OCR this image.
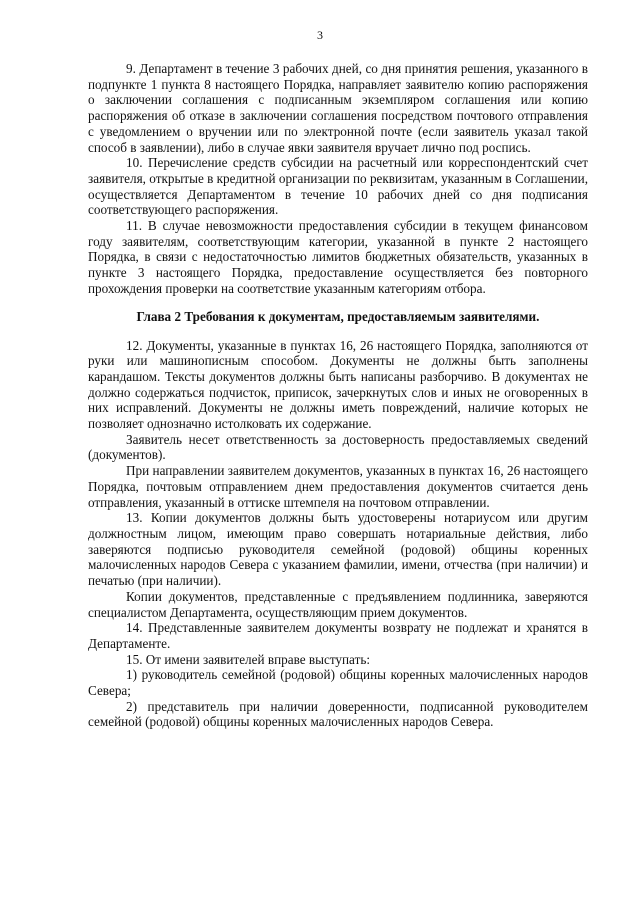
3

9. Департамент в течение 3 рабочих дней, со дня принятия решения, указанного в подпункте 1 пункта 8 настоящего Порядка, направляет заявителю копию распоряжения о заключении соглашения с подписанным экземпляром соглашения или копию распоряжения об отказе в заключении соглашения посредством почтового отправления с уведомлением о вручении или по электронной почте (если заявитель указал такой способ в заявлении), либо в случае явки заявителя вручает лично под роспись.

10. Перечисление средств субсидии на расчетный или корреспондентский счет заявителя, открытые в кредитной организации по реквизитам, указанным в Соглашении, осуществляется Департаментом в течение 10 рабочих дней со дня подписания соответствующего распоряжения.

11. В случае невозможности предоставления субсидии в текущем финансовом году заявителям, соответствующим категории, указанной в пункте 2 настоящего Порядка, в связи с недостаточностью лимитов бюджетных обязательств, указанных в пункте 3 настоящего Порядка, предоставление осуществляется без повторного прохождения проверки на соответствие указанным категориям отбора.

Глава 2 Требования к документам, предоставляемым заявителями.

12. Документы, указанные в пунктах 16, 26 настоящего Порядка, заполняются от руки или машинописным способом. Документы не должны быть заполнены карандашом. Тексты документов должны быть написаны разборчиво. В документах не должно содержаться подчисток, приписок, зачеркнутых слов и иных не оговоренных в них исправлений. Документы не должны иметь повреждений, наличие которых не позволяет однозначно истолковать их содержание.

Заявитель несет ответственность за достоверность предоставляемых сведений (документов).

При направлении заявителем документов, указанных в пунктах 16, 26 настоящего Порядка, почтовым отправлением днем предоставления документов считается день отправления, указанный в оттиске штемпеля на почтовом отправлении.

13. Копии документов должны быть удостоверены нотариусом или другим должностным лицом, имеющим право совершать нотариальные действия, либо заверяются подписью руководителя семейной (родовой) общины коренных малочисленных народов Севера с указанием фамилии, имени, отчества (при наличии) и печатью (при наличии).

Копии документов, представленные с предъявлением подлинника, заверяются специалистом Департамента, осуществляющим прием документов.

14. Представленные заявителем документы возврату не подлежат и хранятся в Департаменте.

15. От имени заявителей вправе выступать:

1) руководитель семейной (родовой) общины коренных малочисленных народов Севера;

2) представитель при наличии доверенности, подписанной руководителем семейной (родовой) общины коренных малочисленных народов Севера.
